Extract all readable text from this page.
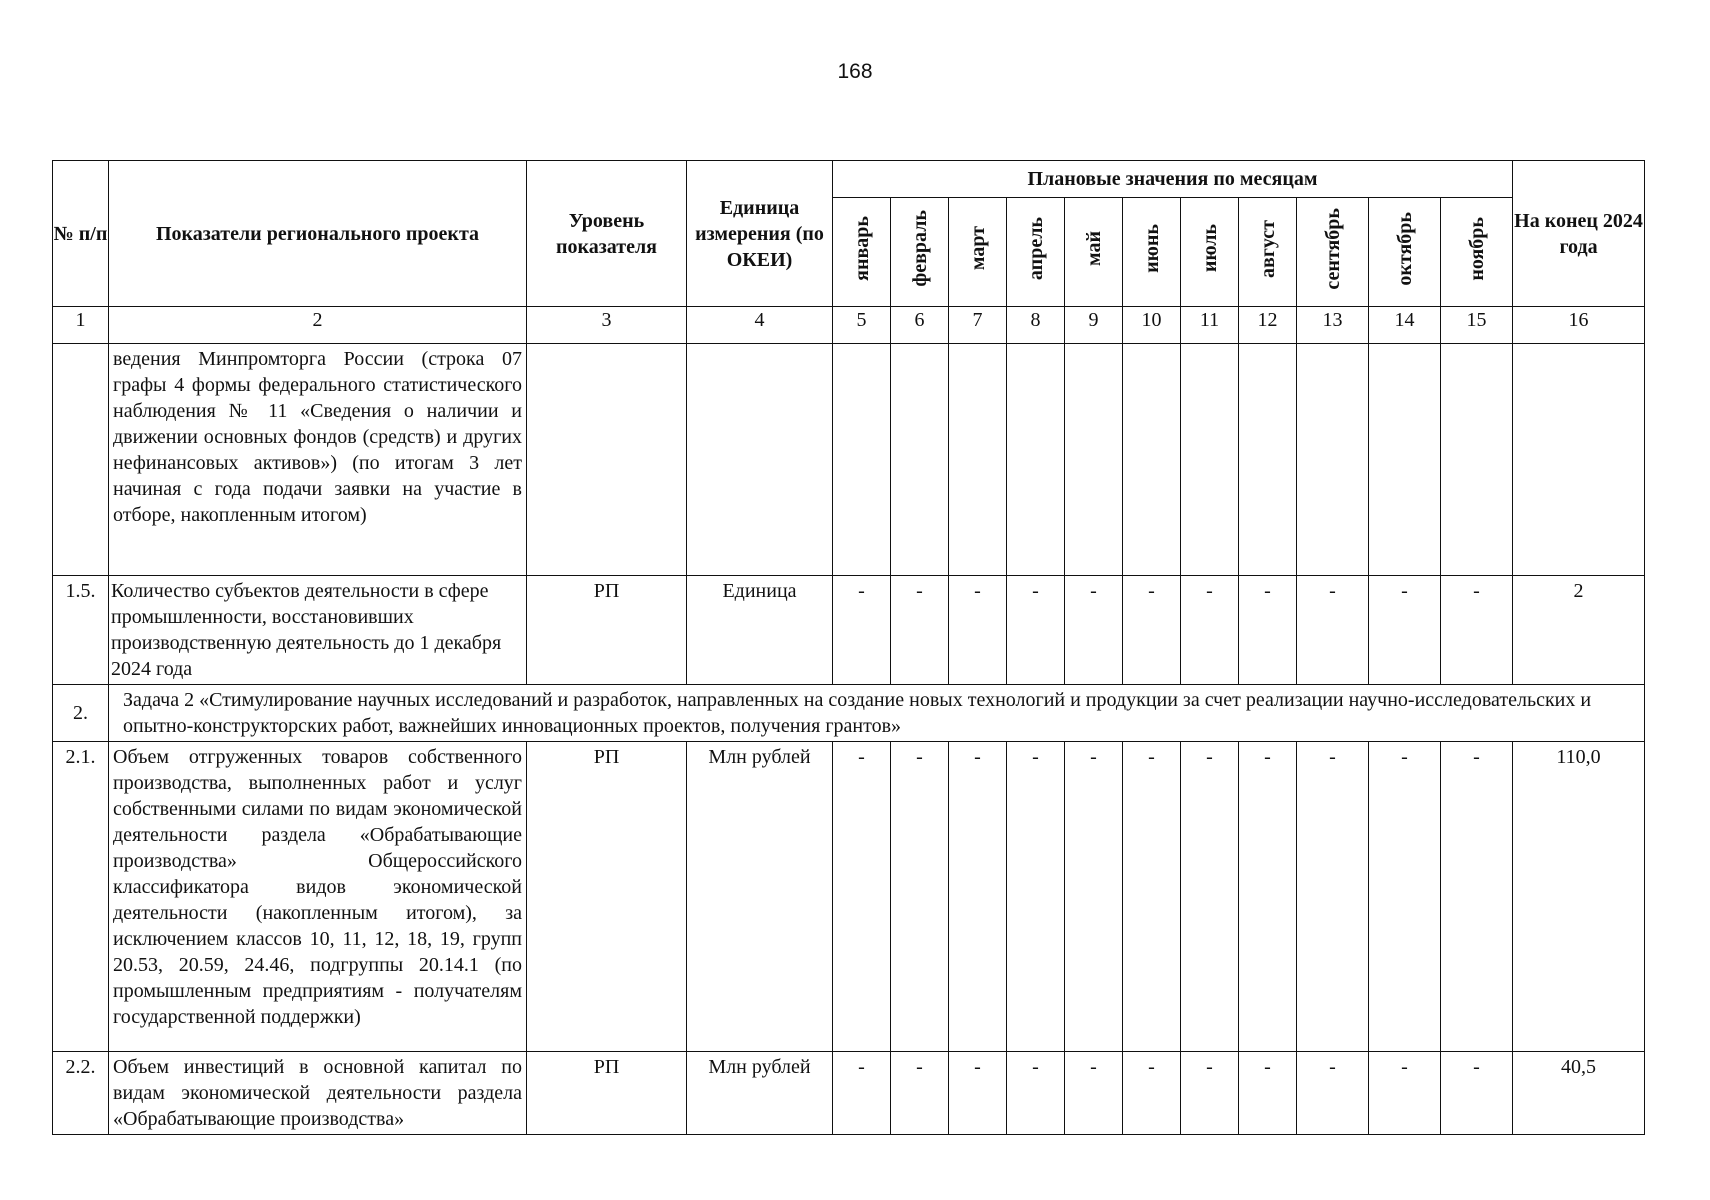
168
№ п/п	Показатели регионального проекта	Уровень показателя	Единица измерения (по ОКЕИ)	Плановые значения по месяцам											На конец 2024 года
				январь	февраль	март	апрель	май	июнь	июль	август	сентябрь	октябрь	ноябрь	
1	2	3	4	5	6	7	8	9	10	11	12	13	14	15	16
	ведения Минпромторга России (строка 07 графы 4 формы федерального статистического наблюдения № 11 «Сведения о наличии и движении основных фондов (средств) и других нефинансовых активов») (по итогам 3 лет начиная с года подачи заявки на участие в отборе, накопленным итогом)														
1.5.	Количество субъектов деятельности в сфере промышленности, восстановивших производственную деятельность до 1 декабря 2024 года	РП	Единица	-	-	-	-	-	-	-	-	-	-	-	2
2.	Задача 2 «Стимулирование научных исследований и разработок, направленных на создание новых технологий и продукции за счет реализации научно-исследовательских и опытно-конструкторских работ, важнейших инновационных проектов, получения грантов»														
2.1.	Объем отгруженных товаров собственного производства, выполненных работ и услуг собственными силами по видам экономической деятельности раздела «Обрабатывающие производства» Общероссийского классификатора видов экономической деятельности (накопленным итогом), за исключением классов 10, 11, 12, 18, 19, групп 20.53, 20.59, 24.46, подгруппы 20.14.1 (по промышленным предприятиям - получателям государственной поддержки)	РП	Млн рублей	-	-	-	-	-	-	-	-	-	-	-	110,0
2.2.	Объем инвестиций в основной капитал по видам экономической деятельности раздела «Обрабатывающие производства»	РП	Млн рублей	-	-	-	-	-	-	-	-	-	-	-	40,5
